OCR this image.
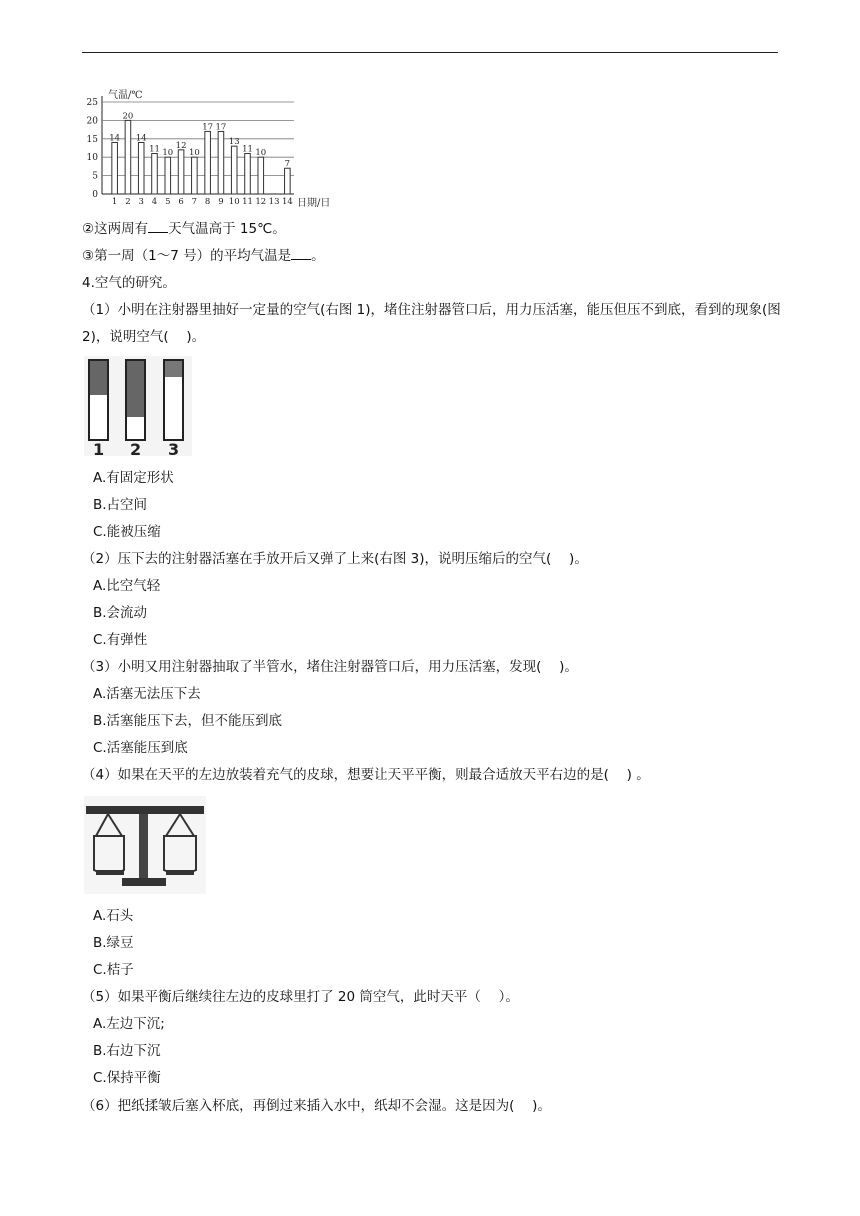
14
20
14
11 10
12
10
17 17
13
11 10
7
0
5
10
15
20
25
1 2 3 4 5 6 7 8 9 10 11 12 13 14
气温/℃
日期/日
②这两周有 天气温高于 15℃。
③第一周（1～7 号）的平均气温是 。
4.空气的研究。
（1）小明在注射器里抽好一定量的空气(右图 1)，堵住注射器管口后，用力压活塞，能压但压不到底，看到的现象(图 2)，说明空气(　 )。
1 2 3
A.有固定形状
B.占空间
C.能被压缩
（2）压下去的注射器活塞在手放开后又弹了上来(右图 3)，说明压缩后的空气(　 )。
A.比空气轻
B.会流动
C.有弹性
（3）小明又用注射器抽取了半管水，堵住注射器管口后，用力压活塞，发现(　 )。
A.活塞无法压下去
B.活塞能压下去，但不能压到底
C.活塞能压到底
（4）如果在天平的左边放装着充气的皮球，想要让天平平衡，则最合适放天平右边的是(　 ) 。
A.石头
B.绿豆
C.桔子
（5）如果平衡后继续往左边的皮球里打了 20 筒空气，此时天平（　 ）。
A.左边下沉;
B.右边下沉
C.保持平衡
（6）把纸揉皱后塞入杯底，再倒过来插入水中，纸却不会湿。这是因为(　 )。
